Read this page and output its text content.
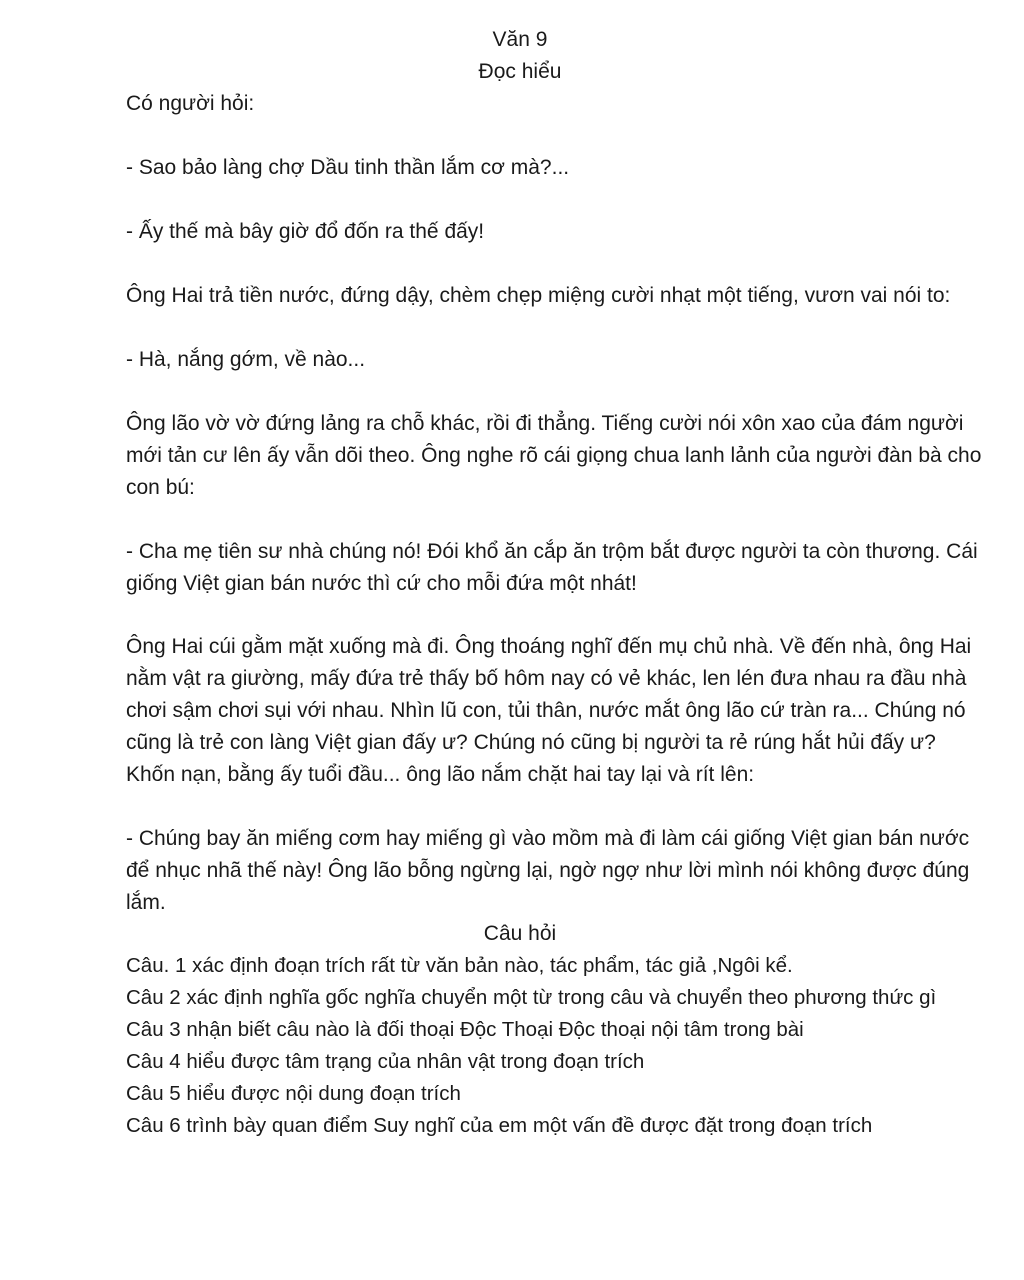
Văn 9
Đọc hiểu
Có người hỏi:
- Sao bảo làng chợ Dầu tinh thần lắm cơ mà?...
- Ấy thế mà bây giờ đổ đốn ra thế đấy!
Ông Hai trả tiền nước, đứng dậy, chèm chẹp miệng cười nhạt một tiếng, vươn vai nói to:
- Hà, nắng gớm, về nào...
Ông lão vờ vờ đứng lảng ra chỗ khác, rồi đi thẳng. Tiếng cười nói xôn xao của đám người
mới tản cư lên ấy vẫn dõi theo. Ông nghe rõ cái giọng chua lanh lảnh của người đàn bà cho
con bú:
- Cha mẹ tiên sư nhà chúng nó! Đói khổ ăn cắp ăn trộm bắt được người ta còn thương. Cái
giống Việt gian bán nước thì cứ cho mỗi đứa một nhát!
Ông Hai cúi gằm mặt xuống mà đi. Ông thoáng nghĩ đến mụ chủ nhà. Về đến nhà, ông Hai
nằm vật ra giường, mấy đứa trẻ thấy bố hôm nay có vẻ khác, len lén đưa nhau ra đầu nhà
chơi sậm chơi sụi với nhau. Nhìn lũ con, tủi thân, nước mắt ông lão cứ tràn ra... Chúng nó
cũng là trẻ con làng Việt gian đấy ư? Chúng nó cũng bị người ta rẻ rúng hắt hủi đấy ư?
Khốn nạn, bằng ấy tuổi đầu... ông lão nắm chặt hai tay lại và rít lên:
- Chúng bay ăn miếng cơm hay miếng gì vào mồm mà đi làm cái giống Việt gian bán nước
để nhục nhã thế này! Ông lão bỗng ngừng lại, ngờ ngợ như lời mình nói không được đúng
lắm.
Câu hỏi
Câu. 1 xác định đoạn trích rất từ văn bản nào, tác phẩm, tác giả ,Ngôi kể.
Câu 2 xác định nghĩa gốc nghĩa chuyển một từ trong câu và chuyển theo phương thức gì
Câu 3 nhận biết câu nào là đối thoại Độc Thoại Độc thoại nội tâm trong bài
Câu 4 hiểu được tâm trạng của nhân vật trong đoạn trích
Câu 5 hiểu được nội dung đoạn trích
Câu 6 trình bày quan điểm Suy nghĩ của em một vấn đề được đặt trong đoạn trích
